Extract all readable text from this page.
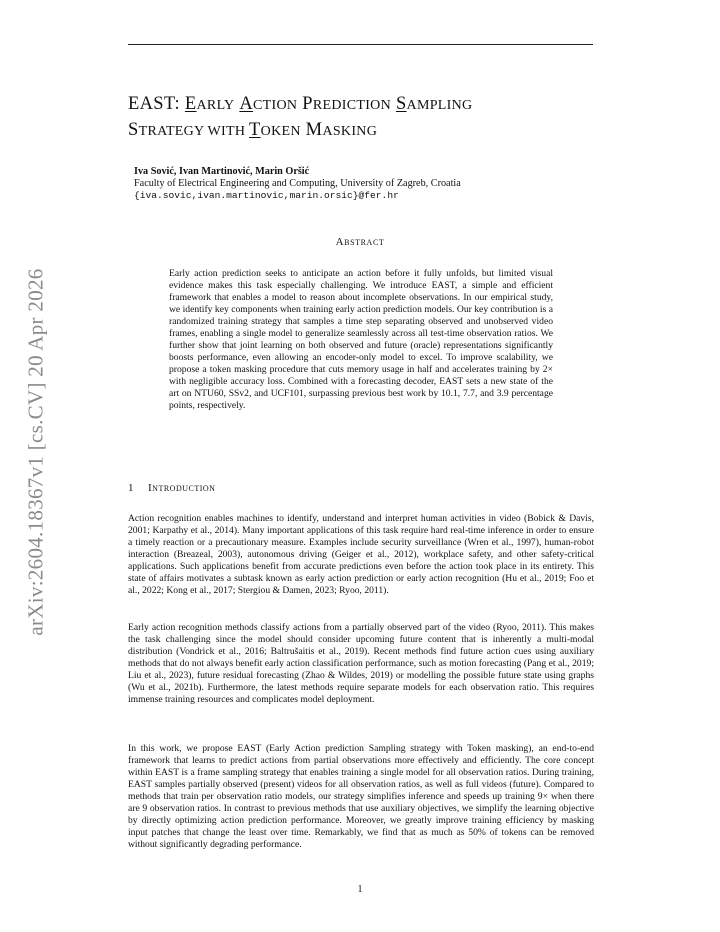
arXiv:2604.18367v1 [cs.CV] 20 Apr 2026
EAST: EARLY ACTION PREDICTION SAMPLING
STRATEGY WITH TOKEN MASKING
Iva Sović, Ivan Martinović, Marin Oršić
Faculty of Electrical Engineering and Computing, University of Zagreb, Croatia
{iva.sovic,ivan.martinovic,marin.orsic}@fer.hr
Abstract

Early action prediction seeks to anticipate an action before it fully unfolds, but limited visual evidence makes this task especially challenging. We introduce EAST, a simple and efficient framework that enables a model to reason about incomplete observations. In our empirical study, we identify key components when training early action prediction models. Our key contribution is a randomized training strategy that samples a time step separating observed and unobserved video frames, enabling a single model to generalize seamlessly across all test-time observation ratios. We further show that joint learning on both observed and future (oracle) representations significantly boosts performance, even allowing an encoder-only model to excel. To improve scalability, we propose a token masking procedure that cuts memory usage in half and accelerates training by 2× with negligible accuracy loss. Combined with a forecasting decoder, EAST sets a new state of the art on NTU60, SSv2, and UCF101, surpassing previous best work by 10.1, 7.7, and 3.9 percentage points, respectively.

1 Introduction

Action recognition enables machines to identify, understand and interpret human activities in video (Bobick & Davis, 2001; Karpathy et al., 2014). Many important applications of this task require hard real-time inference in order to ensure a timely reaction or a precautionary measure. Examples include security surveillance (Wren et al., 1997), human-robot interaction (Breazeal, 2003), autonomous driving (Geiger et al., 2012), workplace safety, and other safety-critical applications. Such applications benefit from accurate predictions even before the action took place in its entirety. This state of affairs motivates a subtask known as early action prediction or early action recognition (Hu et al., 2019; Foo et al., 2022; Kong et al., 2017; Stergiou & Damen, 2023; Ryoo, 2011).

Early action recognition methods classify actions from a partially observed part of the video (Ryoo, 2011). This makes the task challenging since the model should consider upcoming future content that is inherently a multi-modal distribution (Vondrick et al., 2016; Baltrušaitis et al., 2019). Recent methods find future action cues using auxiliary methods that do not always benefit early action classification performance, such as motion forecasting (Pang et al., 2019; Liu et al., 2023), future residual forecasting (Zhao & Wildes, 2019) or modelling the possible future state using graphs (Wu et al., 2021b). Furthermore, the latest methods require separate models for each observation ratio. This requires immense training resources and complicates model deployment.

In this work, we propose EAST (Early Action prediction Sampling strategy with Token masking), an end-to-end framework that learns to predict actions from partial observations more effectively and efficiently. The core concept within EAST is a frame sampling strategy that enables training a single model for all observation ratios. During training, EAST samples partially observed (present) videos for all observation ratios, as well as full videos (future). Compared to methods that train per observation ratio models, our strategy simplifies inference and speeds up training 9× when there are 9 observation ratios. In contrast to previous methods that use auxiliary objectives, we simplify the learning objective by directly optimizing action prediction performance. Moreover, we greatly improve training efficiency by masking input patches that change the least over time. Remarkably, we find that as much as 50% of tokens can be removed without significantly degrading performance.

1
